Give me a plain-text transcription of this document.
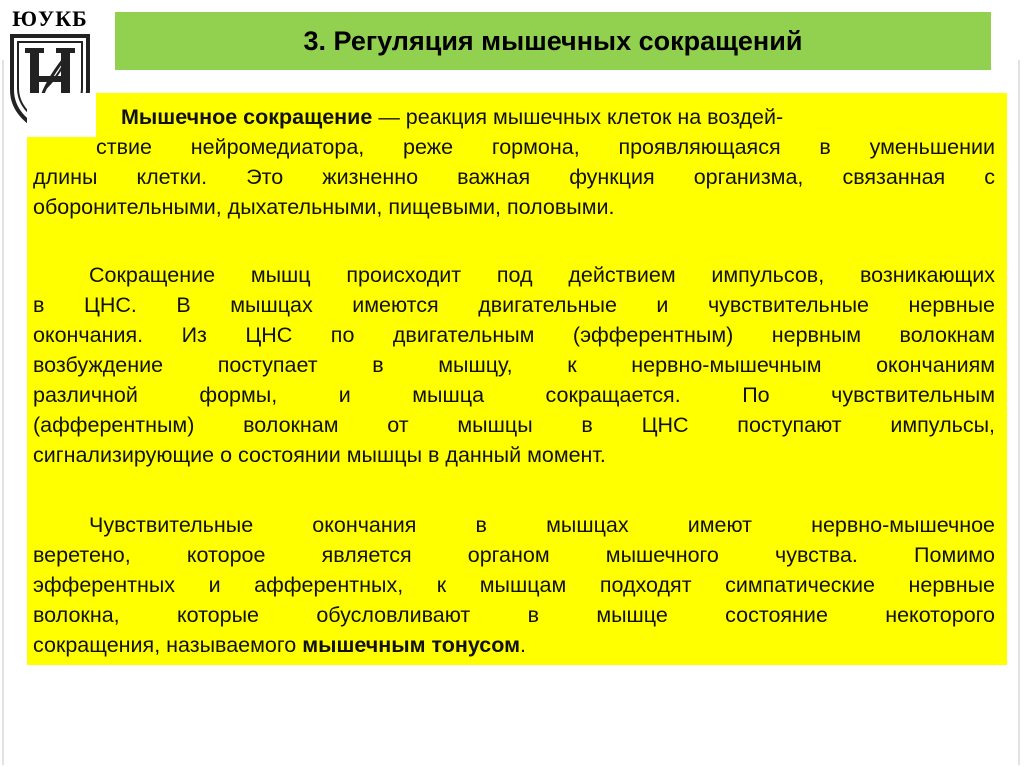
ЮУКБ
3. Регуляция мышечных сокращений
Мышечное сокращение — реакция мышечных клеток на воздей-
ствие нейромедиатора, реже гормона, проявляющаяся в уменьшении
длины клетки. Это жизненно важная функция организма, связанная с
оборонительными, дыхательными, пищевыми, половыми.
Сокращение мышц происходит под действием импульсов, возникающих
в ЦНС. В мышцах имеются двигательные и чувствительные нервные
окончания. Из ЦНС по двигательным (эфферентным) нервным волокнам
возбуждение поступает в мышцу, к нервно-мышечным окончаниям
различной формы, и мышца сокращается. По чувствительным
(афферентным) волокнам от мышцы в ЦНС поступают импульсы,
сигнализирующие о состоянии мышцы в данный момент.
Чувствительные окончания в мышцах имеют нервно-мышечное
веретено, которое является органом мышечного чувства. Помимо
эфферентных и афферентных, к мышцам подходят симпатические нервные
волокна, которые обусловливают в мышце состояние некоторого
сокращения, называемого мышечным тонусом.
